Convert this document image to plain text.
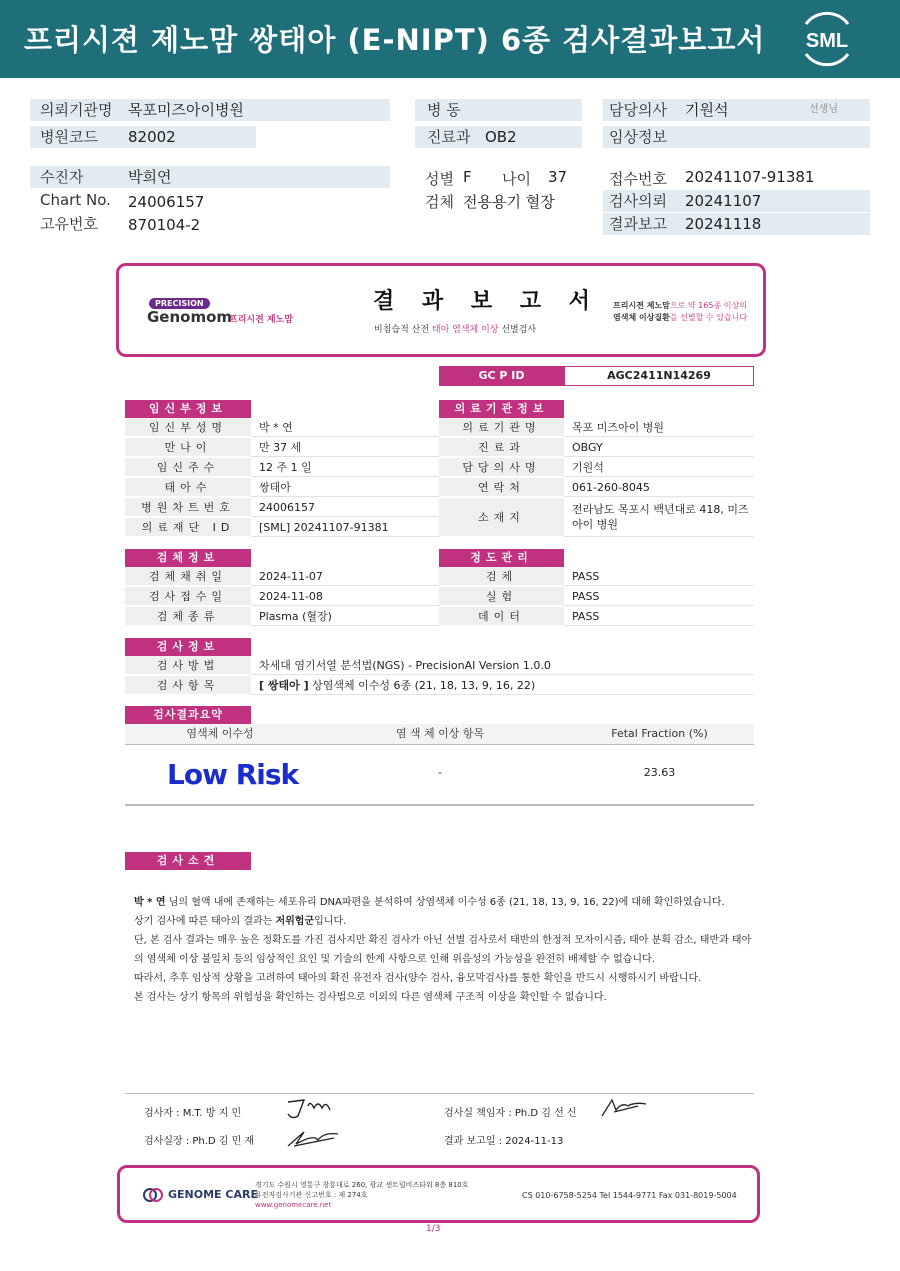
프리시젼 제노맘 쌍태아 (E-NIPT) 6종 검사결과보고서 SML
의뢰기관명 목포미즈아이병원
병원코드 82002
병 동
진료과 OB2
담당의사 기원석	선생님
임상정보
수진자	박희연
Chart No. 24006157
고유번호 870104-2
성별 F 나이 37
검체 전용용기 혈장
접수번호 20241107-91381
검사의뢰 20241107
결과보고 20241118
PRECISION
Genomom
프리시젼 제노맘
결 과 보 고 서
비침습적 산전 태아 염색체 이상 선별검사
프리시젼 제노맘으로 약 165종 이상의 염색체 이상질환을 선별할 수 있습니다
GC P ID	AGC2411N14269
임신부정보
임신부성명	박 * 연
만나이	만 37 세
임신주수	12 주 1 일
태아수	쌍태아
병원차트번호	24006157
의료재단 ID	[SML] 20241107-91381
의료기관정보
의료기관명	목포 미즈아이 병원
진료과	OBGY
담당의사명	기원석
연락처	061-260-8045
소재지
전라남도 목포시 백년대로 418, 미즈아이 병원
검체정보
검체채취일	2024-11-07
검사접수일	2024-11-08
검체종류	Plasma (혈장)
정도관리
검체	PASS
실험	PASS
데이터	PASS
검사정보
검사방법	차세대 염기서열 분석법(NGS) - PrecisionAI Version 1.0.0
검사항목	[ 쌍태아 ] 상염색체 이수성 6종 (21, 18, 13, 9, 16, 22)
검사결과요약
염색체 이수성	염 색 체 이상 항목	Fetal Fraction (%)
Low Risk	-	23.63
검사소견

박 * 연 님의 혈액 내에 존재하는 세포유리 DNA파편을 분석하여 상염색체 이수성 6종 (21, 18, 13, 9, 16, 22)에 대해 확인하였습니다.

상기 검사에 따른 태아의 결과는 저위험군입니다.

단, 본 검사 결과는 매우 높은 정확도를 가진 검사지만 확진 검사가 아닌 선별 검사로서 태반의 한정적 모자이시즘, 태아 분획 감소, 태반과 태아의 염색체 이상 불일치 등의 임상적인 요인 및 기술의 한계 사항으로 인해 위음성의 가능성을 완전히 배제할 수 없습니다.

따라서, 추후 임상적 상황을 고려하여 태아의 확진 유전자 검사(양수 검사, 융모막검사)를 통한 확인을 반드시 시행하시기 바랍니다.

본 검사는 상기 항목의 위험성을 확인하는 검사법으로 이외의 다른 염색체 구조적 이상을 확인할 수 없습니다.

검사자 : M.T. 방 지 민
검사실장 : Ph.D 김 민 재
검사실 책임자 : Ph.D 김 선 신
결과 보고일 : 2024-11-13
GENOME CARE
경기도 수원시 영통구 창룡대로 260, 광교 센트럴비즈타워 8층 810호
유전자검사기관 신고번호 : 제 274호
www.genomecare.net
CS 010-6758-5254 Tel 1544-9771 Fax 031-8019-5004
1/3
